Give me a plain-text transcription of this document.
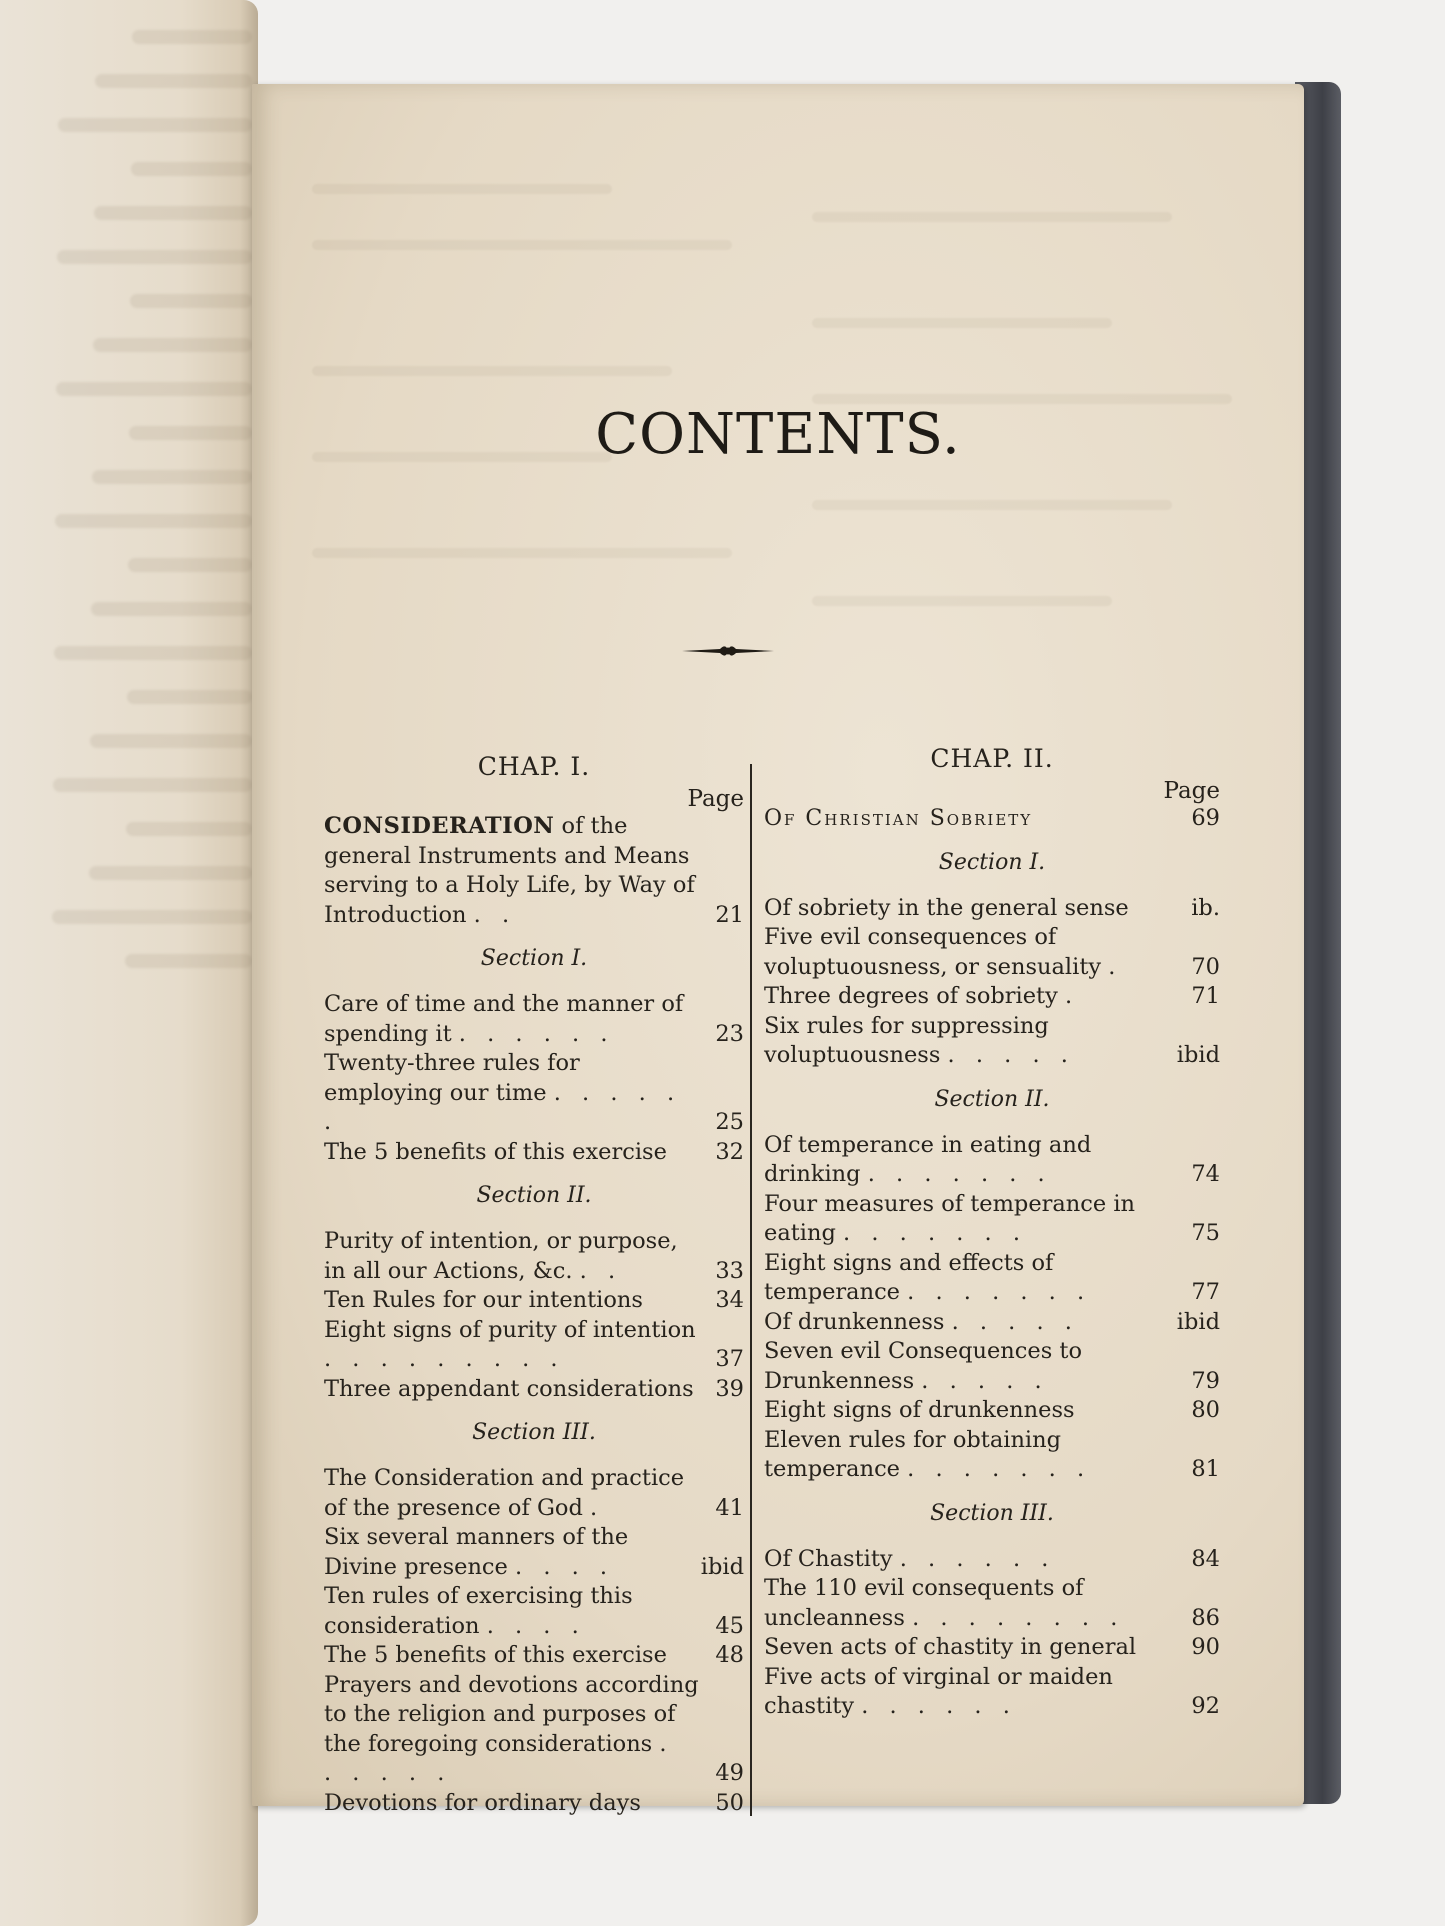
CONTENTS.
CHAP. I.
Page
CONSIDERATION of the general Instruments and Means serving to a Holy Life, by Way of Introduction . .	21
Section I.
Care of time and the manner of spending it . . . . . .	23
Twenty-three rules for employing our time . . . . . .	25
The 5 benefits of this exercise 32
Section II.
Purity of intention, or purpose, in all our Actions, &c. . .	33
Ten Rules for our intentions	34
Eight signs of purity of intention . . . . . . . . .	37
Three appendant considerations 39
Section III.
The Consideration and practice of the presence of God .	41
Six several manners of the Divine presence . . . .	ibid
Ten rules of exercising this consideration . . . .	45
The 5 benefits of this exercise 48
Prayers and devotions according to the religion and purposes of the foregoing considerations . . . . . .	49
Devotions for ordinary days	50
CHAP. II.
Page
Of Christian Sobriety	69
Section I.
Of sobriety in the general sense	ib.
Five evil consequences of voluptuousness, or sensuality .	70
Three degrees of sobriety .	71
Six rules for suppressing voluptuousness . . . . .	ibid
Section II.
Of temperance in eating and drinking . . . . . . .	74
Four measures of temperance in eating . . . . . . .	75
Eight signs and effects of temperance . . . . . . .	77
Of drunkenness . . . . .	ibid
Seven evil Consequences to Drunkenness . . . . .	79
Eight signs of drunkenness	80
Eleven rules for obtaining temperance . . . . . . .	81
Section III.
Of Chastity . . . . . .	84
The 110 evil consequents of uncleanness . . . . . . . .	86
Seven acts of chastity in general 90
Five acts of virginal or maiden chastity . . . . . .	92
